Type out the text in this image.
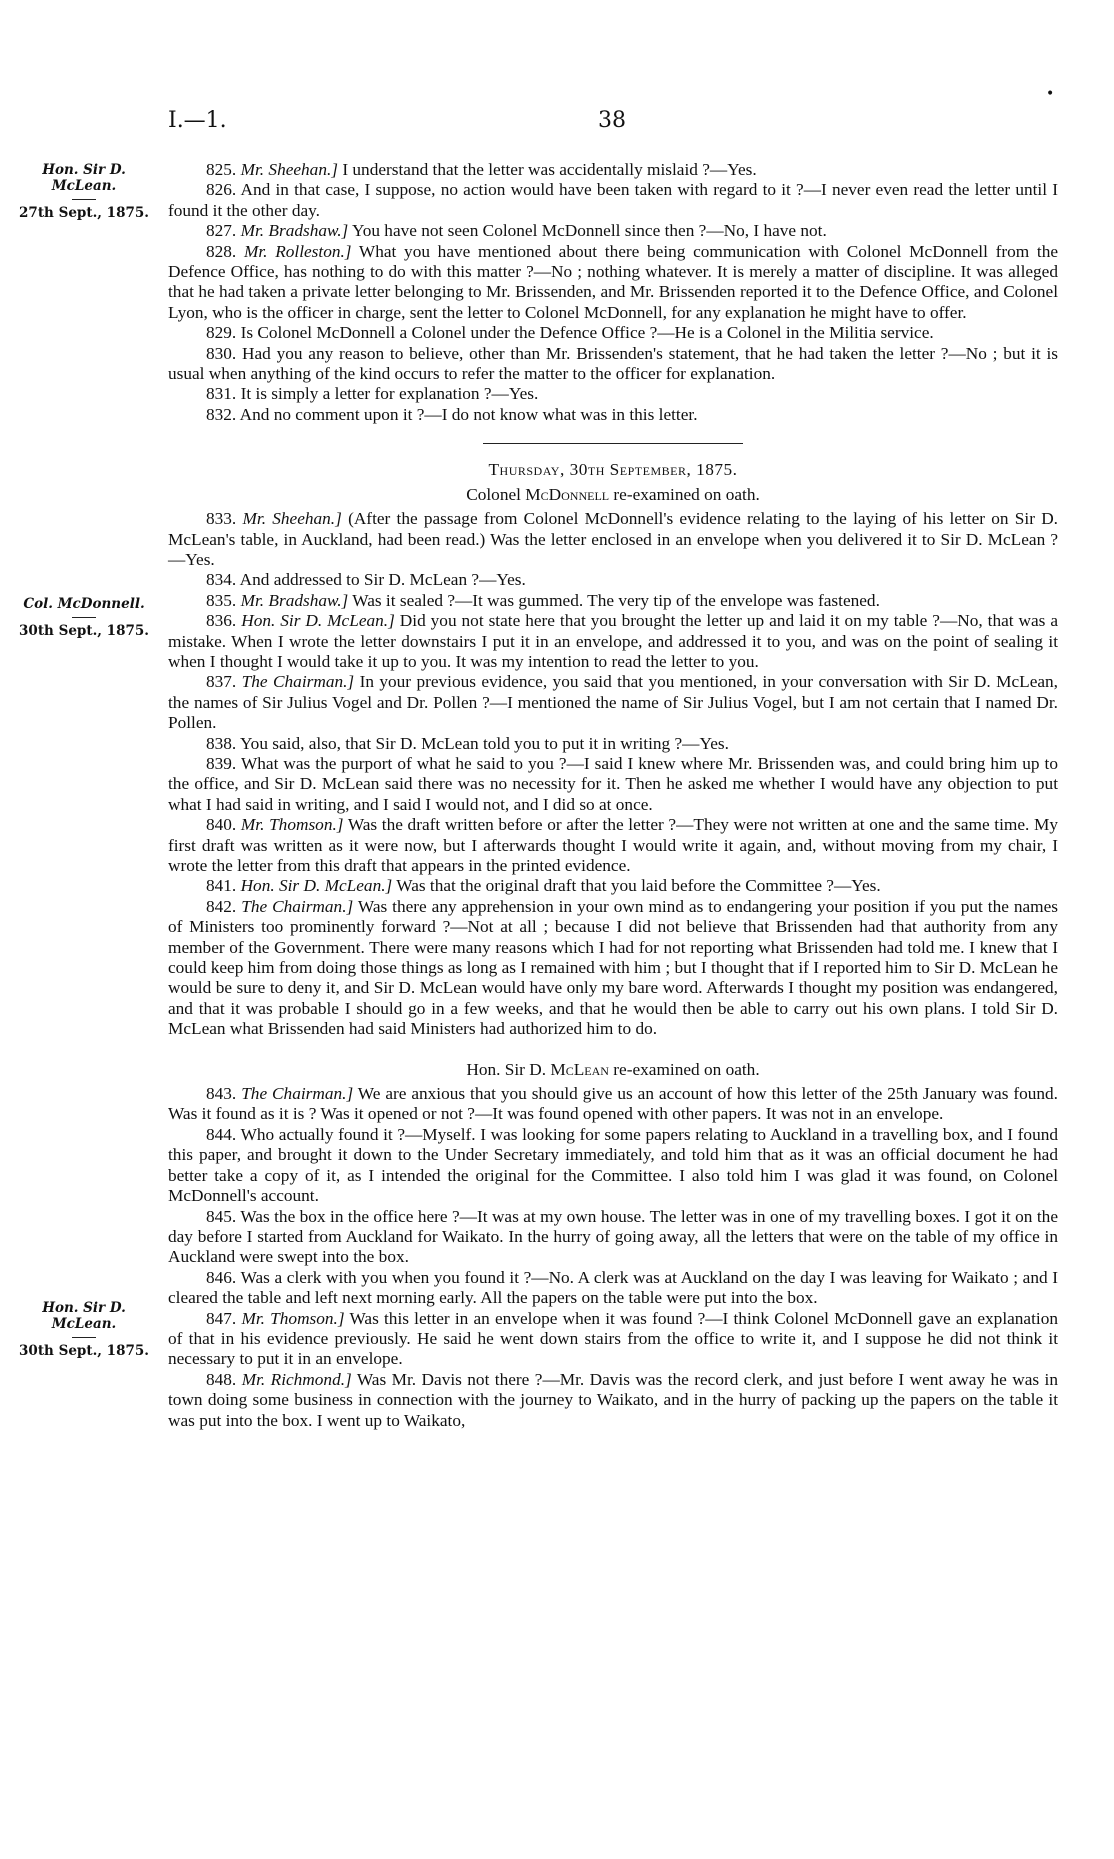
I.—1.	38
•
Hon. Sir D. McLean.
27th Sept., 1875.
Col. McDonnell.
30th Sept., 1875.
Hon. Sir D. McLean.
30th Sept., 1875.

825. Mr. Sheehan.] I understand that the letter was accidentally mislaid ?—Yes.

826. And in that case, I suppose, no action would have been taken with regard to it ?—I never even read the letter until I found it the other day.

827. Mr. Bradshaw.] You have not seen Colonel McDonnell since then ?—No, I have not.

828. Mr. Rolleston.] What you have mentioned about there being communication with Colonel McDonnell from the Defence Office, has nothing to do with this matter ?—No ; nothing whatever. It is merely a matter of discipline. It was alleged that he had taken a private letter belonging to Mr. Brissenden, and Mr. Brissenden reported it to the Defence Office, and Colonel Lyon, who is the officer in charge, sent the letter to Colonel McDonnell, for any explanation he might have to offer.

829. Is Colonel McDonnell a Colonel under the Defence Office ?—He is a Colonel in the Militia service.

830. Had you any reason to believe, other than Mr. Brissenden's statement, that he had taken the letter ?—No ; but it is usual when anything of the kind occurs to refer the matter to the officer for explanation.

831. It is simply a letter for explanation ?—Yes.

832. And no comment upon it ?—I do not know what was in this letter.

Thursday, 30th September, 1875.

Colonel McDonnell re-examined on oath.

833. Mr. Sheehan.] (After the passage from Colonel McDonnell's evidence relating to the laying of his letter on Sir D. McLean's table, in Auckland, had been read.) Was the letter enclosed in an envelope when you delivered it to Sir D. McLean ?—Yes.

834. And addressed to Sir D. McLean ?—Yes.

835. Mr. Bradshaw.] Was it sealed ?—It was gummed. The very tip of the envelope was fastened.

836. Hon. Sir D. McLean.] Did you not state here that you brought the letter up and laid it on my table ?—No, that was a mistake. When I wrote the letter downstairs I put it in an envelope, and addressed it to you, and was on the point of sealing it when I thought I would take it up to you. It was my intention to read the letter to you.

837. The Chairman.] In your previous evidence, you said that you mentioned, in your conversation with Sir D. McLean, the names of Sir Julius Vogel and Dr. Pollen ?—I mentioned the name of Sir Julius Vogel, but I am not certain that I named Dr. Pollen.

838. You said, also, that Sir D. McLean told you to put it in writing ?—Yes.

839. What was the purport of what he said to you ?—I said I knew where Mr. Brissenden was, and could bring him up to the office, and Sir D. McLean said there was no necessity for it. Then he asked me whether I would have any objection to put what I had said in writing, and I said I would not, and I did so at once.

840. Mr. Thomson.] Was the draft written before or after the letter ?—They were not written at one and the same time. My first draft was written as it were now, but I afterwards thought I would write it again, and, without moving from my chair, I wrote the letter from this draft that appears in the printed evidence.

841. Hon. Sir D. McLean.] Was that the original draft that you laid before the Committee ?—Yes.

842. The Chairman.] Was there any apprehension in your own mind as to endangering your position if you put the names of Ministers too prominently forward ?—Not at all ; because I did not believe that Brissenden had that authority from any member of the Government. There were many reasons which I had for not reporting what Brissenden had told me. I knew that I could keep him from doing those things as long as I remained with him ; but I thought that if I reported him to Sir D. McLean he would be sure to deny it, and Sir D. McLean would have only my bare word. Afterwards I thought my position was endangered, and that it was probable I should go in a few weeks, and that he would then be able to carry out his own plans. I told Sir D. McLean what Brissenden had said Ministers had authorized him to do.

Hon. Sir D. McLean re-examined on oath.

843. The Chairman.] We are anxious that you should give us an account of how this letter of the 25th January was found. Was it found as it is ? Was it opened or not ?—It was found opened with other papers. It was not in an envelope.

844. Who actually found it ?—Myself. I was looking for some papers relating to Auckland in a travelling box, and I found this paper, and brought it down to the Under Secretary immediately, and told him that as it was an official document he had better take a copy of it, as I intended the original for the Committee. I also told him I was glad it was found, on Colonel McDonnell's account.

845. Was the box in the office here ?—It was at my own house. The letter was in one of my travelling boxes. I got it on the day before I started from Auckland for Waikato. In the hurry of going away, all the letters that were on the table of my office in Auckland were swept into the box.

846. Was a clerk with you when you found it ?—No. A clerk was at Auckland on the day I was leaving for Waikato ; and I cleared the table and left next morning early. All the papers on the table were put into the box.

847. Mr. Thomson.] Was this letter in an envelope when it was found ?—I think Colonel McDonnell gave an explanation of that in his evidence previously. He said he went down stairs from the office to write it, and I suppose he did not think it necessary to put it in an envelope.

848. Mr. Richmond.] Was Mr. Davis not there ?—Mr. Davis was the record clerk, and just before I went away he was in town doing some business in connection with the journey to Waikato, and in the hurry of packing up the papers on the table it was put into the box. I went up to Waikato,
